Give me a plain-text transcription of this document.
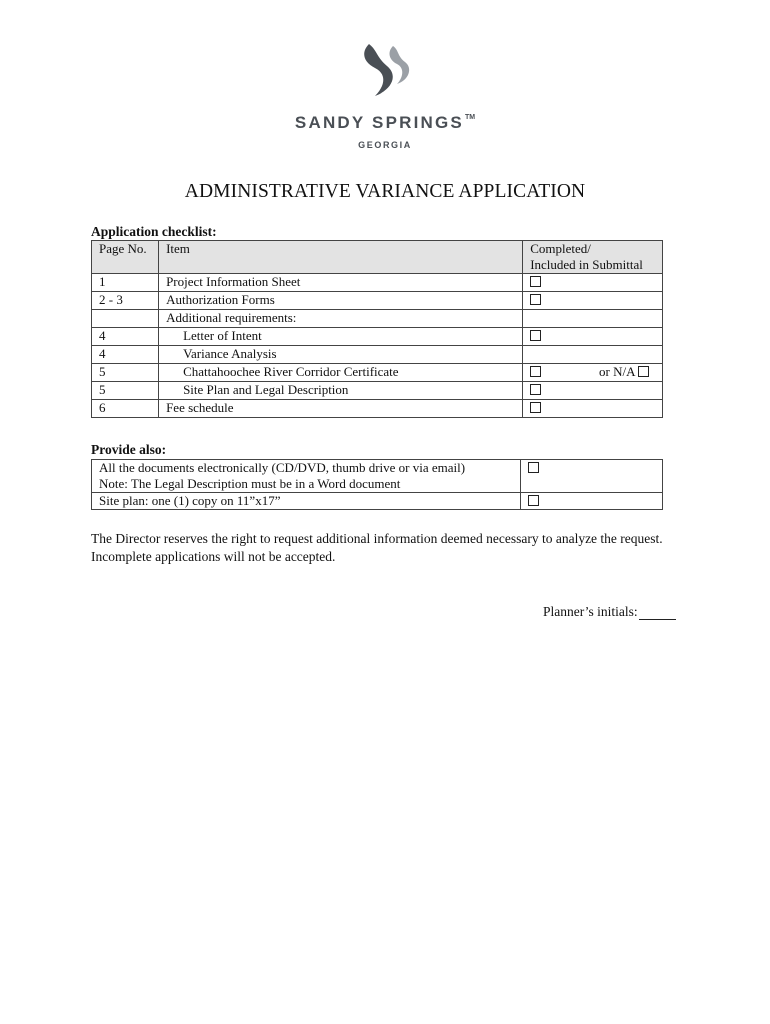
SANDY SPRINGS™
GEORGIA
ADMINISTRATIVE VARIANCE APPLICATION
Application checklist:
Page No.	Item	Completed/
Included in Submittal
1	Project Information Sheet	
2 - 3	Authorization Forms	
	Additional requirements:	
4	Letter of Intent	
4	Variance Analysis	
5	Chattahoochee River Corridor Certificate	or N/A

5	Site Plan and Legal Description	
6	Fee schedule	
Provide also:
All the documents electronically (CD/DVD, thumb drive or via email)
Note: The Legal Description must be in a Word document	
Site plan: one (1) copy on 11”x17”	
The Director reserves the right to request additional information deemed necessary to analyze the request.
Incomplete applications will not be accepted.
Planner’s initials:
